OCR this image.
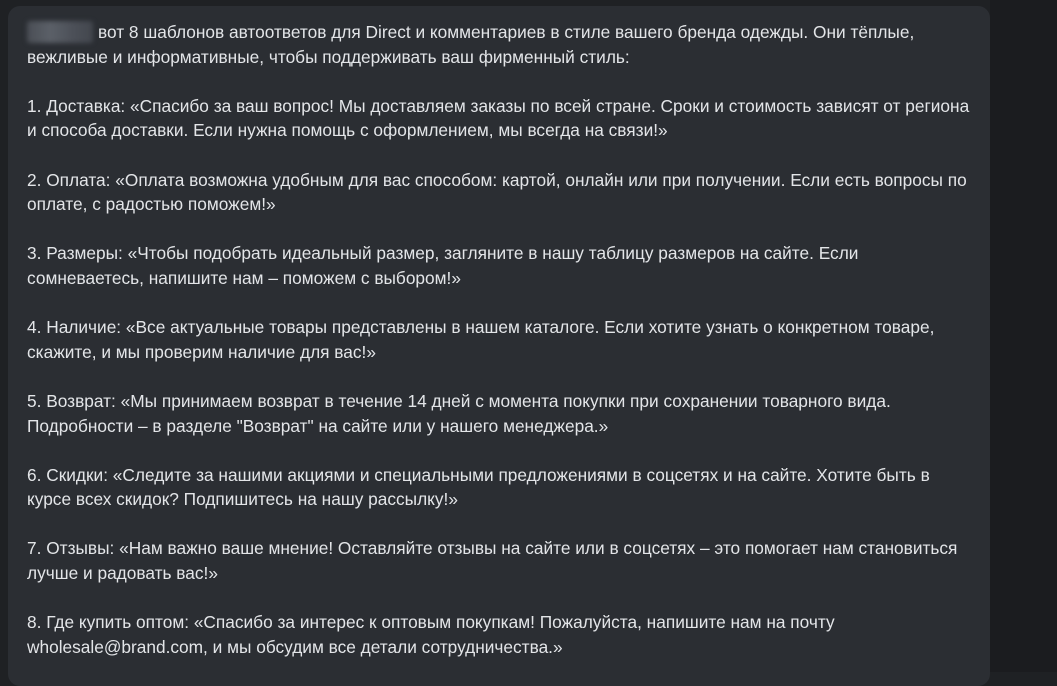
вот 8 шаблонов автоответов для Direct и комментариев в стиле вашего бренда одежды. Они тёплые, вежливые и информативные, чтобы поддерживать ваш фирменный стиль:

1. Доставка: «Спасибо за ваш вопрос! Мы доставляем заказы по всей стране. Сроки и стоимость зависят от региона и способа доставки. Если нужна помощь с оформлением, мы всегда на связи!»

2. Оплата: «Оплата возможна удобным для вас способом: картой, онлайн или при получении. Если есть вопросы по оплате, с радостью поможем!»

3. Размеры: «Чтобы подобрать идеальный размер, загляните в нашу таблицу размеров на сайте. Если сомневаетесь, напишите нам – поможем с выбором!»

4. Наличие: «Все актуальные товары представлены в нашем каталоге. Если хотите узнать о конкретном товаре, скажите, и мы проверим наличие для вас!»

5. Возврат: «Мы принимаем возврат в течение 14 дней с момента покупки при сохранении товарного вида. Подробности – в разделе "Возврат" на сайте или у нашего менеджера.»

6. Скидки: «Следите за нашими акциями и специальными предложениями в соцсетях и на сайте. Хотите быть в курсе всех скидок? Подпишитесь на нашу рассылку!»

7. Отзывы: «Нам важно ваше мнение! Оставляйте отзывы на сайте или в соцсетях – это помогает нам становиться лучше и радовать вас!»

8. Где купить оптом: «Спасибо за интерес к оптовым покупкам! Пожалуйста, напишите нам на почту wholesale@brand.com, и мы обсудим все детали сотрудничества.»
